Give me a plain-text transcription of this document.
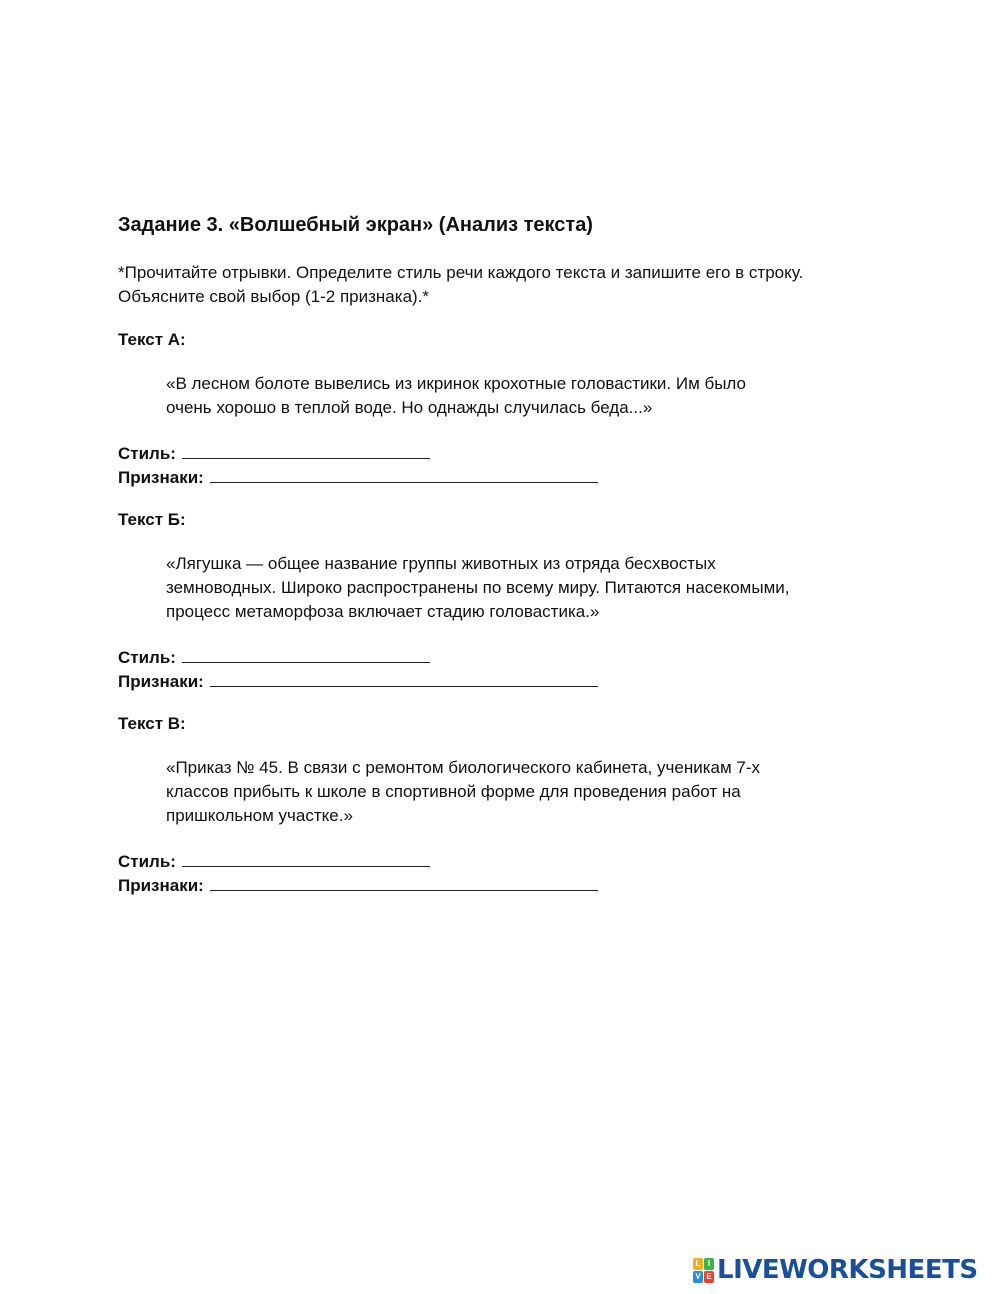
Задание 3. «Волшебный экран» (Анализ текста)

*Прочитайте отрывки. Определите стиль речи каждого текста и запишите его в строку.
Объясните свой выбор (1-2 признака).*

Текст А:
«В лесном болоте вывелись из икринок крохотные головастики. Им было
очень хорошо в теплой воде. Но однажды случилась беда...»
Стиль:
Признаки:
Текст Б:
«Лягушка — общее название группы животных из отряда бесхвостых
земноводных. Широко распространены по всему миру. Питаются насекомыми,
процесс метаморфоза включает стадию головастика.»
Стиль:
Признаки:
Текст В:
«Приказ № 45. В связи с ремонтом биологического кабинета, ученикам 7-х
классов прибыть к школе в спортивной форме для проведения работ на
пришкольном участке.»
Стиль:
Признаки:
L I
V E LIVEWORKSHEETS
